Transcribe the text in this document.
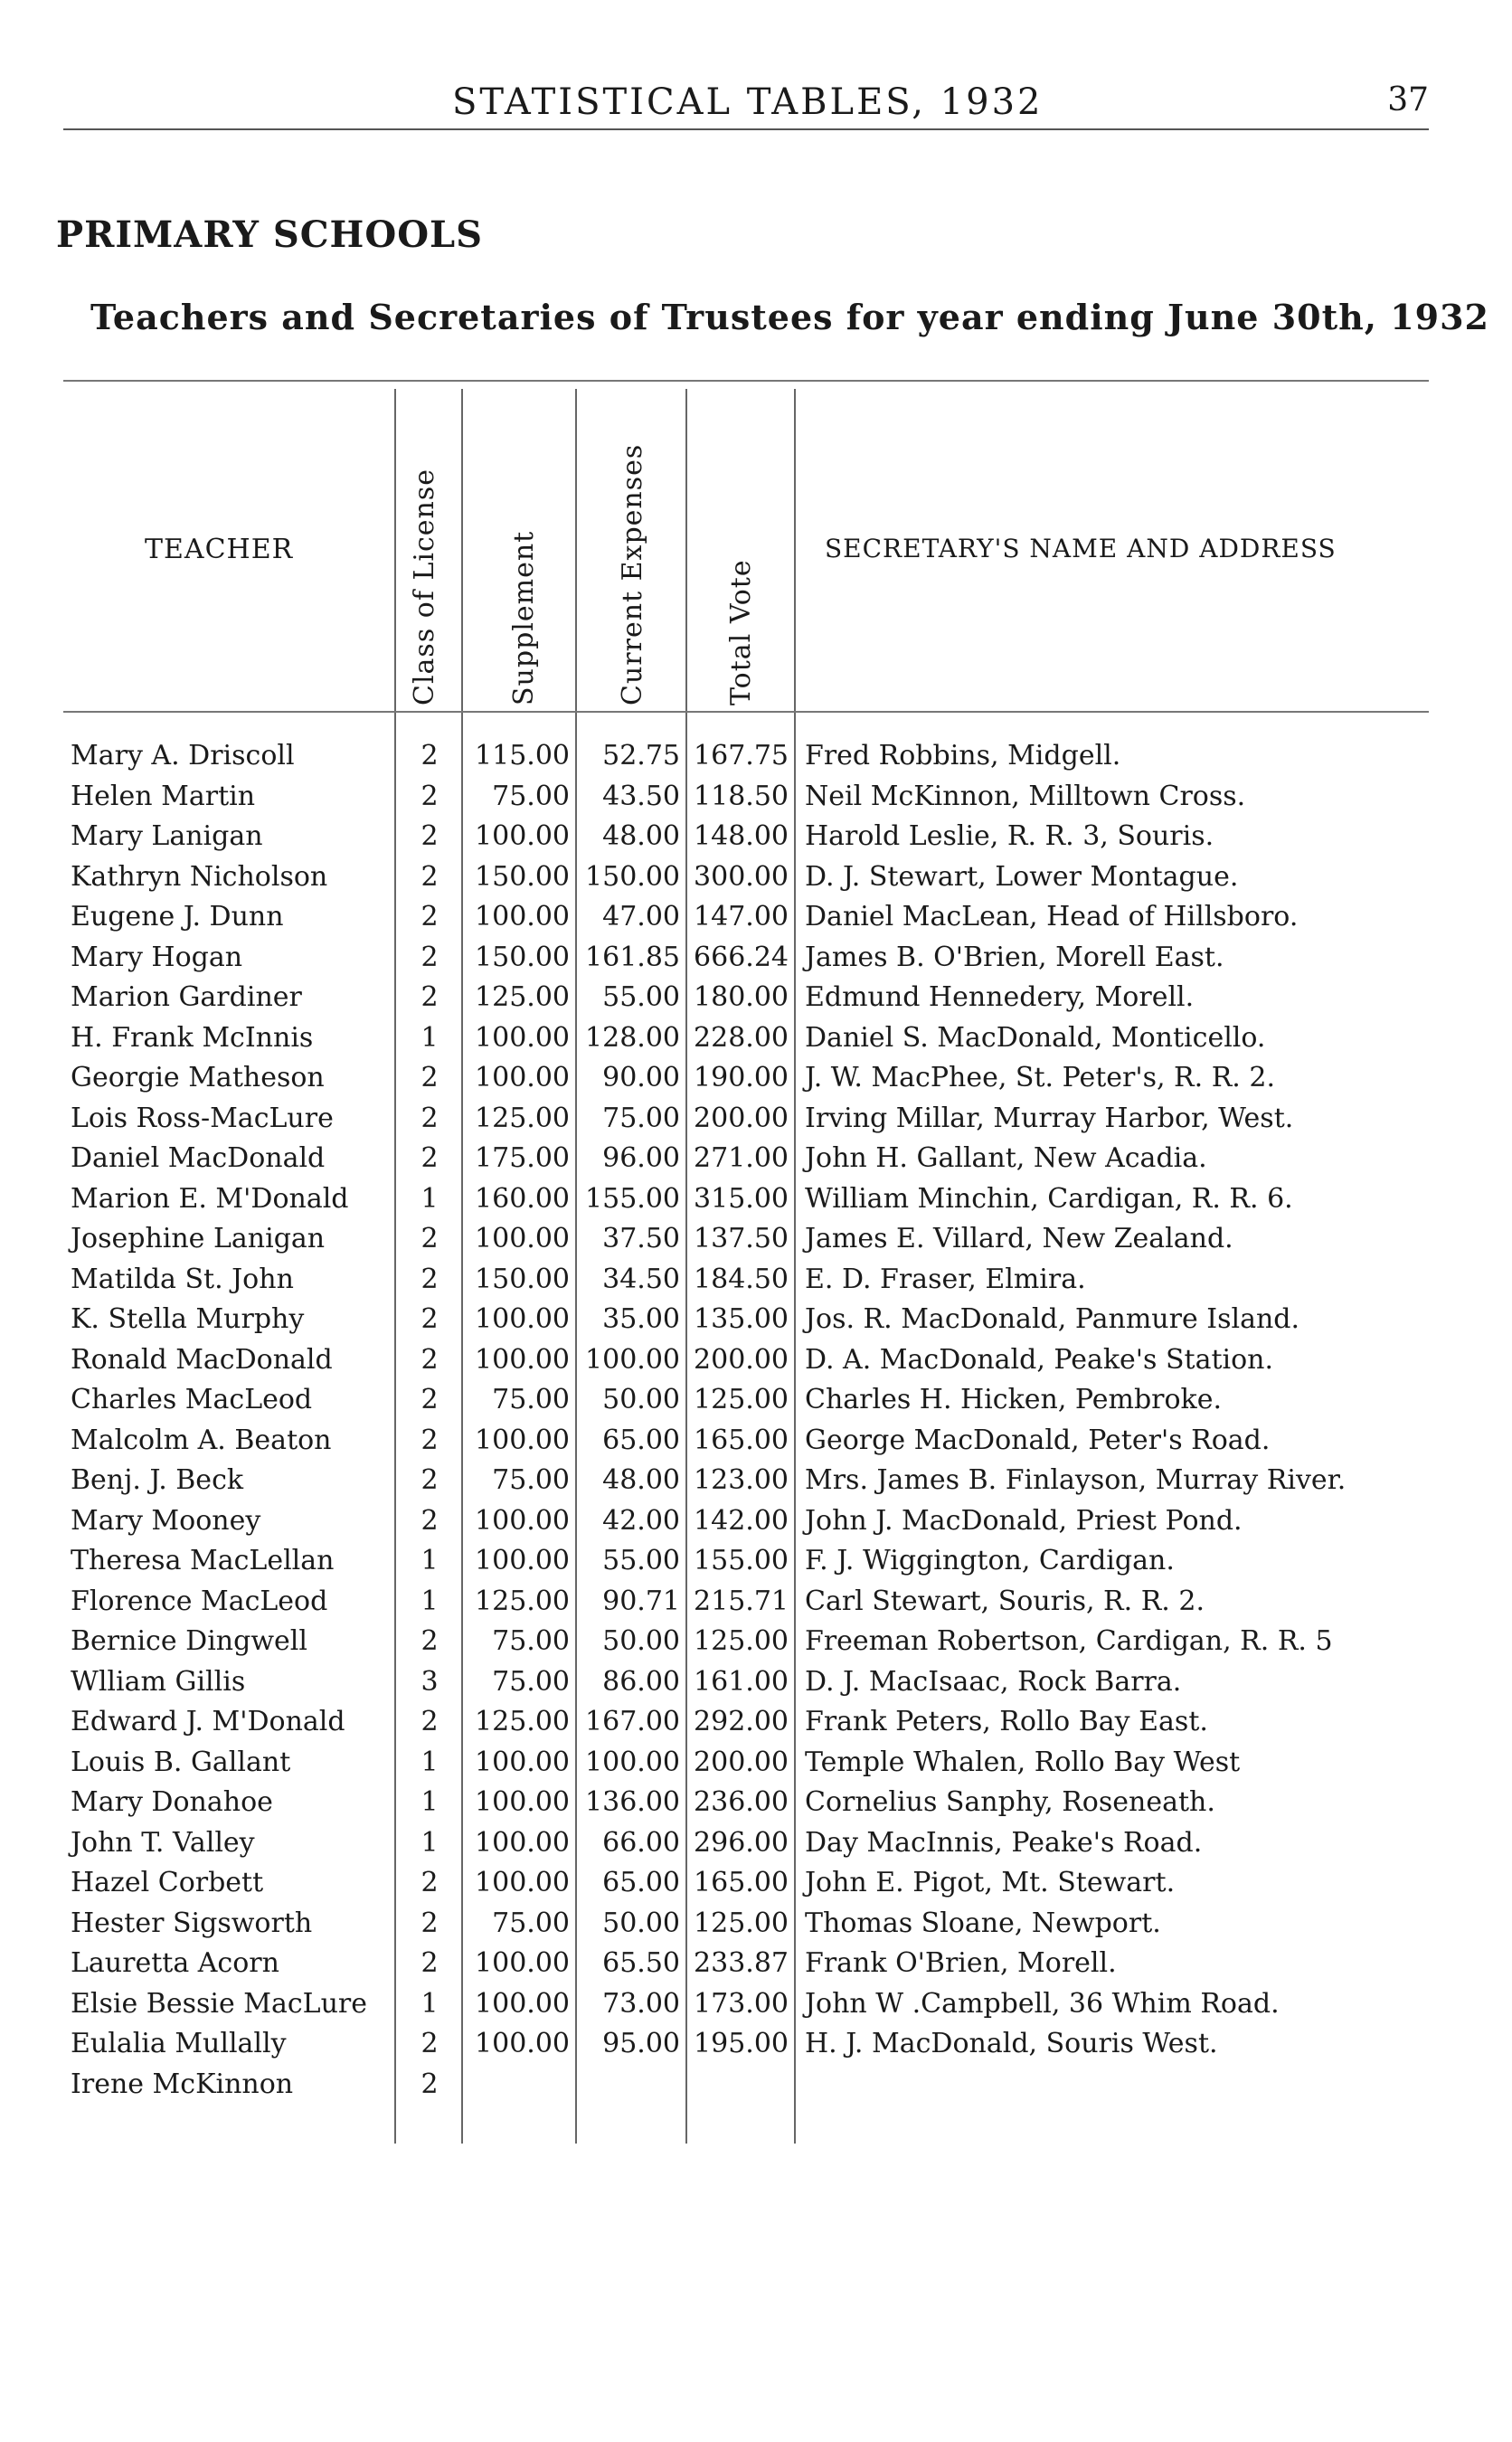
STATISTICAL TABLES, 1932	37
PRIMARY SCHOOLS
Teachers and Secretaries of Trustees for year ending June 30th, 1932
TEACHER	Class of License	Supplement	Current Expenses	Total Vote
SECRETARY'S NAME AND ADDRESS
Mary A. Driscoll	2	115.00	52.75 167.75 Fred Robbins, Midgell.
Helen Martin	2	75.00	43.50 118.50 Neil McKinnon, Milltown Cross.
Mary Lanigan	2	100.00	48.00 148.00 Harold Leslie, R. R. 3, Souris.
Kathryn Nicholson	2	150.00 150.00 300.00 D. J. Stewart, Lower Montague.
Eugene J. Dunn	2	100.00	47.00 147.00 Daniel MacLean, Head of Hillsboro.
Mary Hogan	2	150.00 161.85 666.24 James B. O'Brien, Morell East.
Marion Gardiner	2	125.00	55.00 180.00 Edmund Hennedery, Morell.
H. Frank McInnis	1	100.00 128.00 228.00 Daniel S. MacDonald, Monticello.
Georgie Matheson	2	100.00	90.00 190.00 J. W. MacPhee, St. Peter's, R. R. 2.
Lois Ross-MacLure	2	125.00	75.00 200.00 Irving Millar, Murray Harbor, West.
Daniel MacDonald	2	175.00	96.00 271.00 John H. Gallant, New Acadia.
Marion E. M'Donald	1	160.00 155.00 315.00 William Minchin, Cardigan, R. R. 6.
Josephine Lanigan	2	100.00	37.50 137.50 James E. Villard, New Zealand.
Matilda St. John	2	150.00	34.50 184.50 E. D. Fraser, Elmira.
K. Stella Murphy	2	100.00	35.00 135.00 Jos. R. MacDonald, Panmure Island.
Ronald MacDonald	2	100.00 100.00 200.00 D. A. MacDonald, Peake's Station.
Charles MacLeod	2	75.00	50.00 125.00 Charles H. Hicken, Pembroke.
Malcolm A. Beaton	2	100.00	65.00 165.00 George MacDonald, Peter's Road.
Benj. J. Beck	2	75.00	48.00 123.00 Mrs. James B. Finlayson, Murray River.
Mary Mooney	2	100.00	42.00 142.00 John J. MacDonald, Priest Pond.
Theresa MacLellan	1	100.00	55.00 155.00 F. J. Wiggington, Cardigan.
Florence MacLeod	1	125.00	90.71 215.71 Carl Stewart, Souris, R. R. 2.
Bernice Dingwell	2	75.00	50.00 125.00 Freeman Robertson, Cardigan, R. R. 5
Wlliam Gillis	3	75.00	86.00 161.00 D. J. MacIsaac, Rock Barra.
Edward J. M'Donald	2	125.00 167.00 292.00 Frank Peters, Rollo Bay East.
Louis B. Gallant	1	100.00 100.00 200.00 Temple Whalen, Rollo Bay West
Mary Donahoe	1	100.00 136.00 236.00 Cornelius Sanphy, Roseneath.
John T. Valley	1	100.00	66.00 296.00 Day MacInnis, Peake's Road.
Hazel Corbett	2	100.00	65.00 165.00 John E. Pigot, Mt. Stewart.
Hester Sigsworth	2	75.00	50.00 125.00 Thomas Sloane, Newport.
Lauretta Acorn	2	100.00	65.50 233.87 Frank O'Brien, Morell.
Elsie Bessie MacLure	1	100.00	73.00 173.00 John W .Campbell, 36 Whim Road.
Eulalia Mullally	2	100.00	95.00 195.00 H. J. MacDonald, Souris West.
Irene McKinnon	2
